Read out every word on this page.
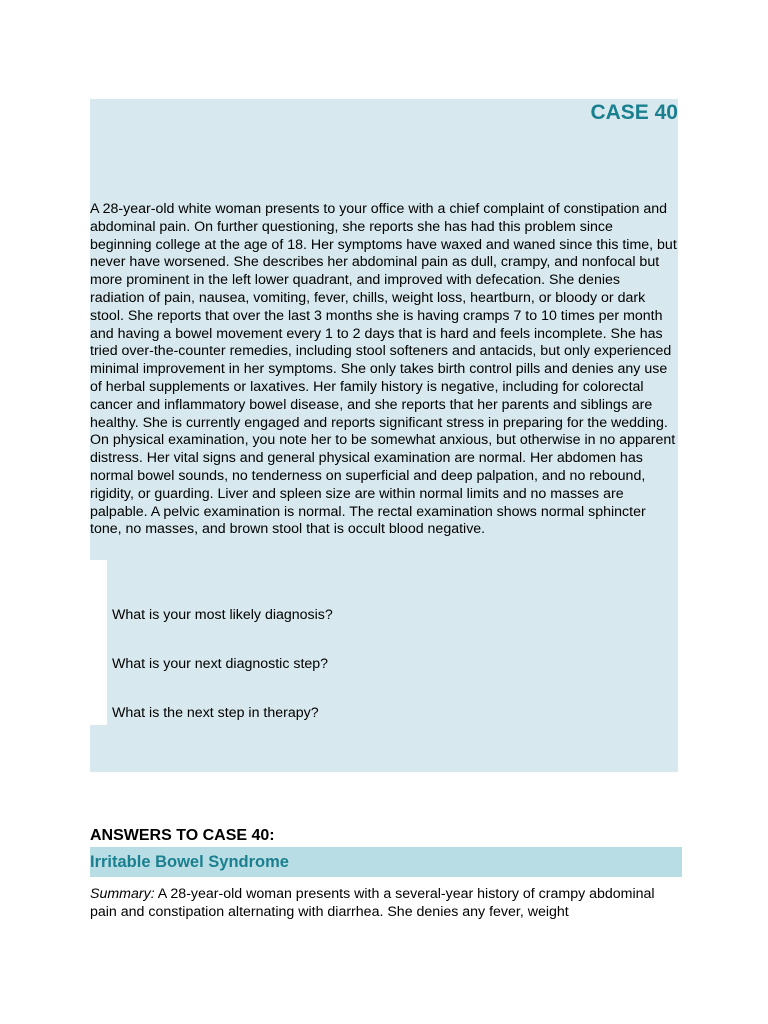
CASE 40

A 28-year-old white woman presents to your office with a chief complaint of constipation and abdominal pain. On further questioning, she reports she has had this problem since beginning college at the age of 18. Her symptoms have waxed and waned since this time, but never have worsened. She describes her abdominal pain as dull, crampy, and nonfocal but more prominent in the left lower quadrant, and improved with defecation. She denies radiation of pain, nausea, vomiting, fever, chills, weight loss, heartburn, or bloody or dark stool. She reports that over the last 3 months she is having cramps 7 to 10 times per month and having a bowel movement every 1 to 2 days that is hard and feels incomplete. She has tried over-the-counter remedies, including stool softeners and antacids, but only experienced minimal improvement in her symptoms. She only takes birth control pills and denies any use of herbal supplements or laxatives. Her family history is negative, including for colorectal cancer and inflammatory bowel disease, and she reports that her parents and siblings are healthy. She is currently engaged and reports significant stress in preparing for the wedding. On physical examination, you note her to be somewhat anxious, but otherwise in no apparent distress. Her vital signs and general physical examination are normal. Her abdomen has normal bowel sounds, no tenderness on superficial and deep palpation, and no rebound, rigidity, or guarding. Liver and spleen size are within normal limits and no masses are palpable. A pelvic examination is normal. The rectal examination shows normal sphincter tone, no masses, and brown stool that is occult blood negative.

What is your most likely diagnosis?

What is your next diagnostic step?

What is the next step in therapy?

ANSWERS TO CASE 40:
Irritable Bowel Syndrome

Summary: A 28-year-old woman presents with a several-year history of crampy abdominal pain and constipation alternating with diarrhea. She denies any fever, weight
